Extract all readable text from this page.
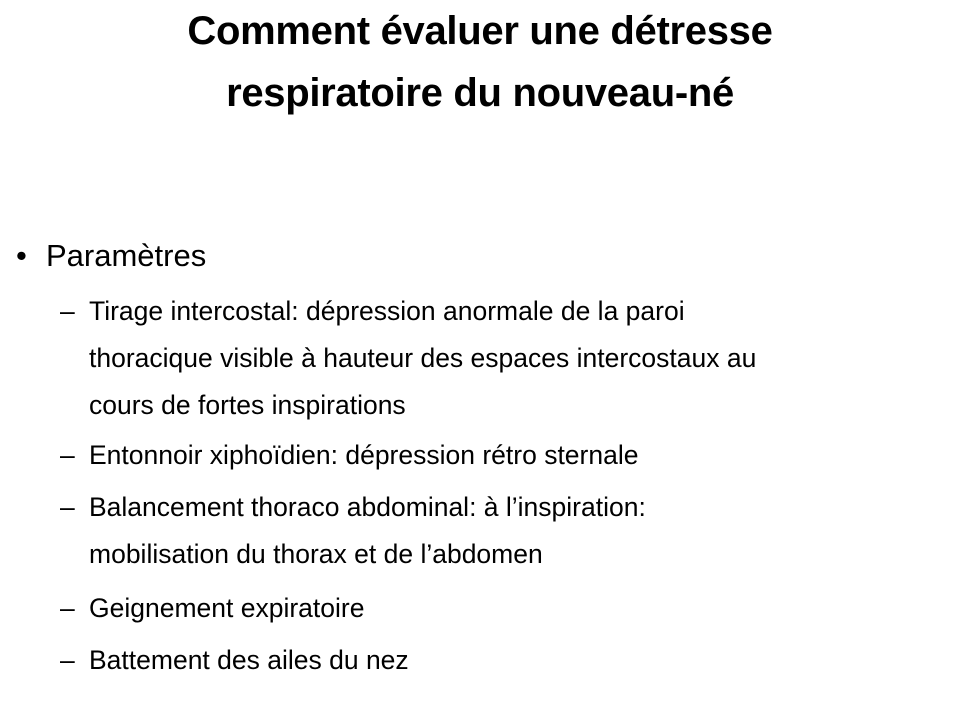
Comment évaluer une détresse
respiratoire du nouveau-né
• Paramètres
– Tirage intercostal: dépression anormale de la paroi
thoracique visible à hauteur des espaces intercostaux au
cours de fortes inspirations
– Entonnoir xiphoïdien: dépression rétro sternale
– Balancement thoraco abdominal: à l’inspiration:
mobilisation du thorax et de l’abdomen
– Geignement expiratoire
– Battement des ailes du nez
